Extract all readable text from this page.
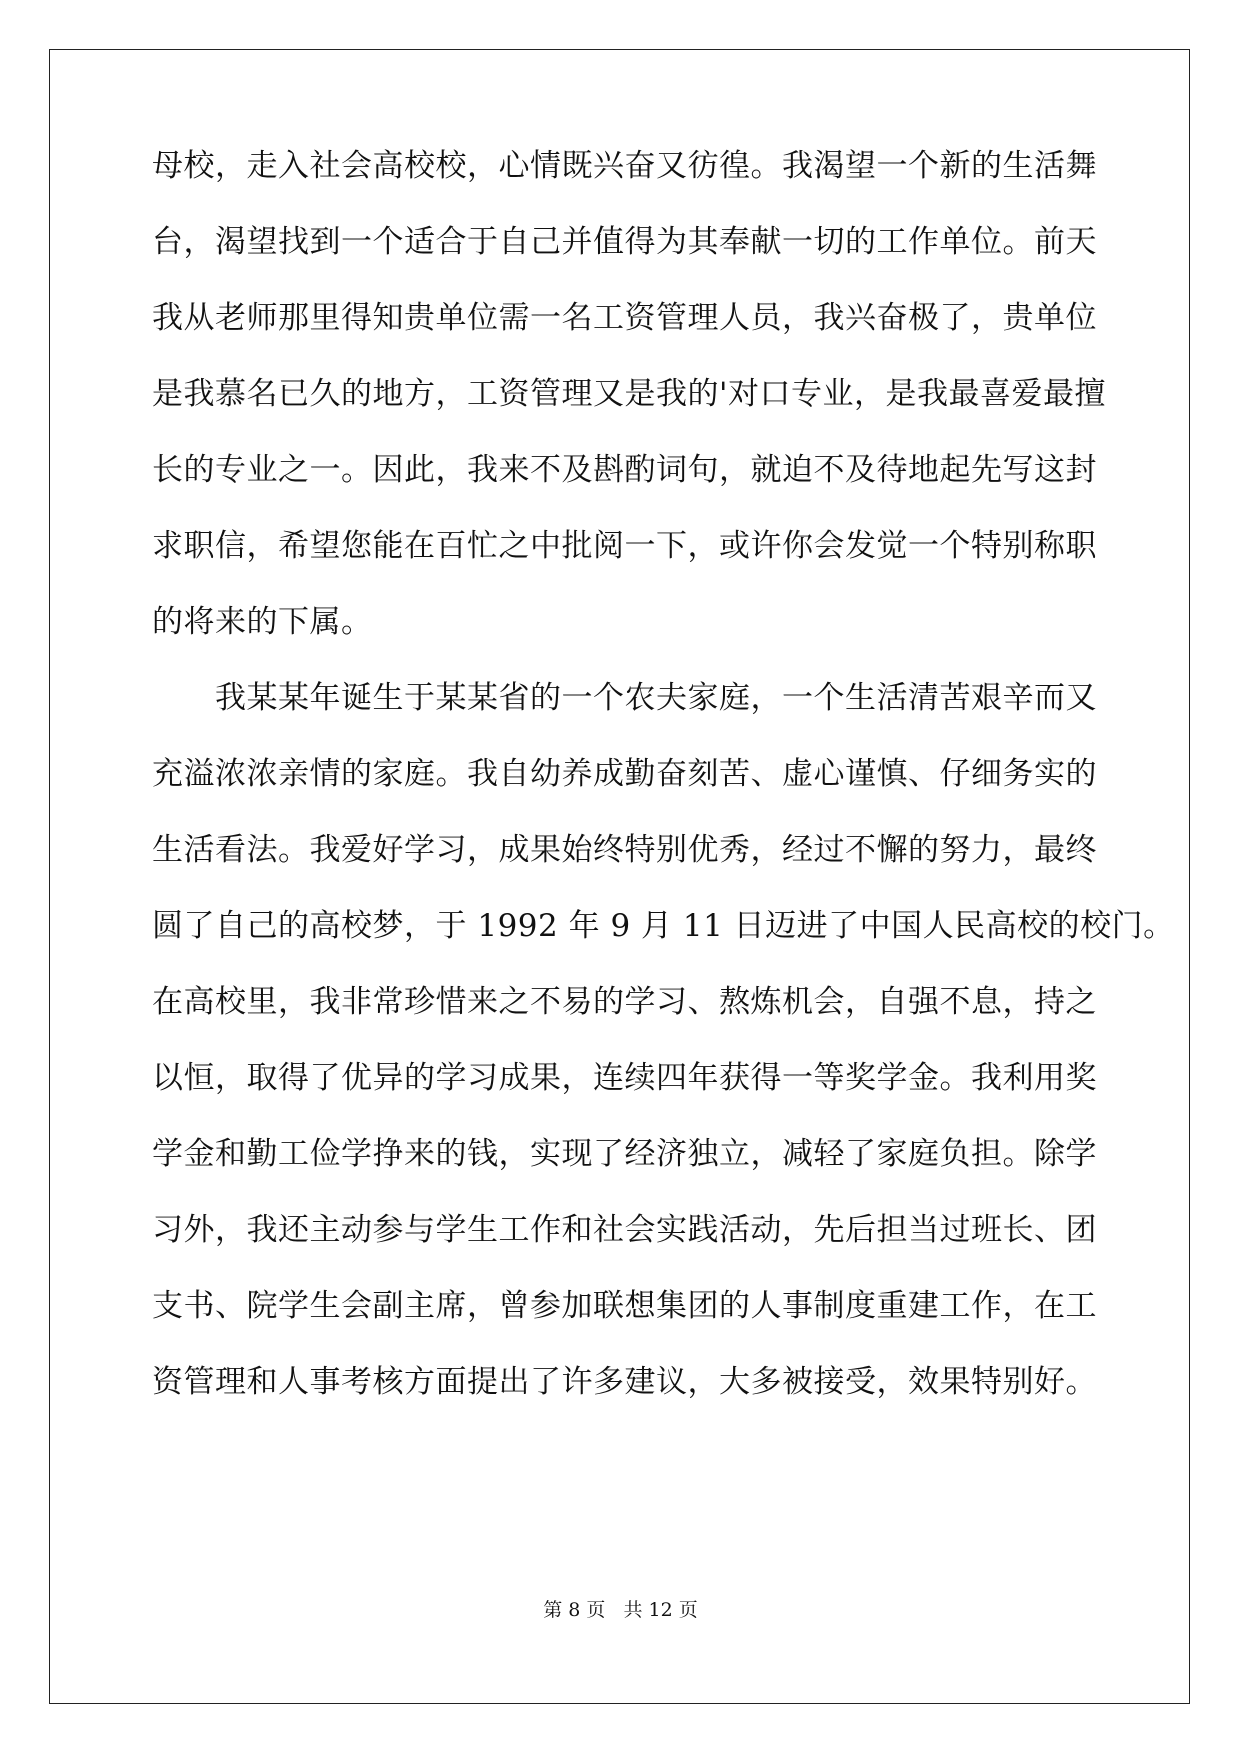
母校，走入社会高校校，心情既兴奋又彷徨。我渴望一个新的生活舞
台，渴望找到一个适合于自己并值得为其奉献一切的工作单位。前天
我从老师那里得知贵单位需一名工资管理人员，我兴奋极了，贵单位
是我慕名已久的地方，工资管理又是我的'对口专业，是我最喜爱最擅
长的专业之一。因此，我来不及斟酌词句，就迫不及待地起先写这封
求职信，希望您能在百忙之中批阅一下，或许你会发觉一个特别称职
的将来的下属。
　　我某某年诞生于某某省的一个农夫家庭，一个生活清苦艰辛而又
充溢浓浓亲情的家庭。我自幼养成勤奋刻苦、虚心谨慎、仔细务实的
生活看法。我爱好学习，成果始终特别优秀，经过不懈的努力，最终
圆了自己的高校梦，于 1992 年 9 月 11 日迈进了中国人民高校的校门。
在高校里，我非常珍惜来之不易的学习、熬炼机会，自强不息，持之
以恒，取得了优异的学习成果，连续四年获得一等奖学金。我利用奖
学金和勤工俭学挣来的钱，实现了经济独立，减轻了家庭负担。除学
习外，我还主动参与学生工作和社会实践活动，先后担当过班长、团
支书、院学生会副主席，曾参加联想集团的人事制度重建工作，在工
资管理和人事考核方面提出了许多建议，大多被接受，效果特别好。
第 8 页 共 12 页
